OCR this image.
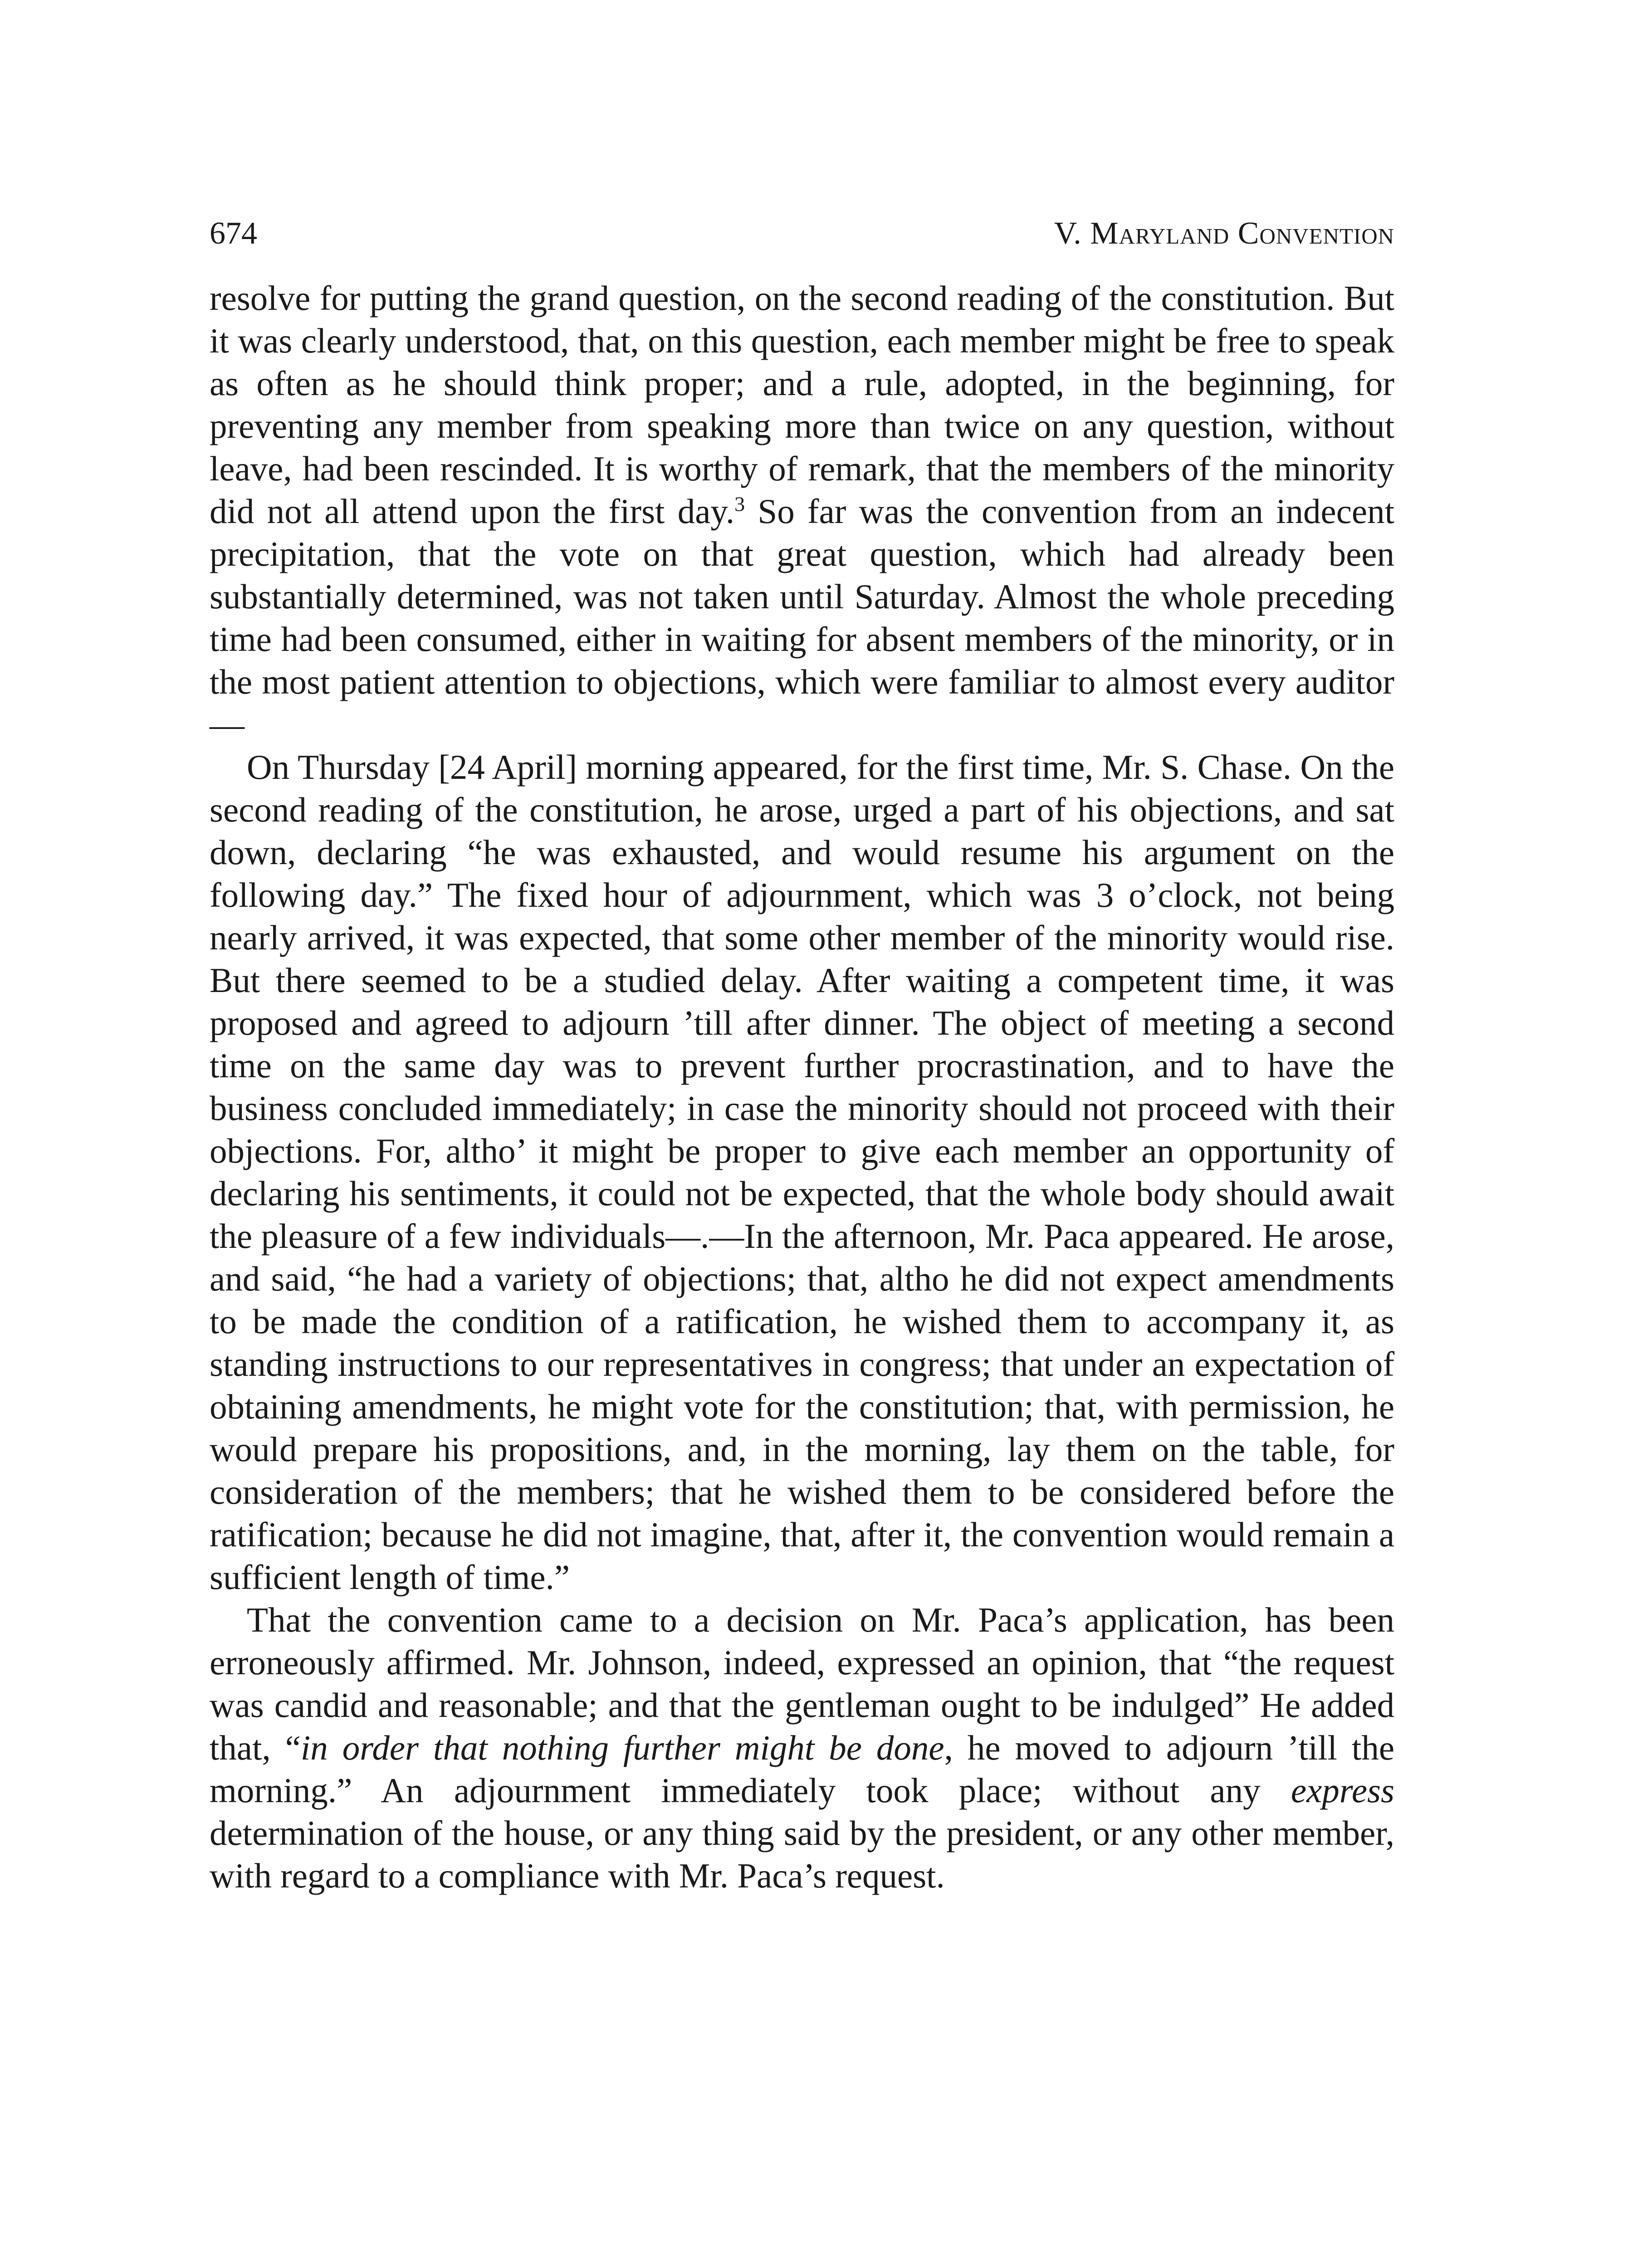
674	V. Maryland Convention

resolve for putting the grand question, on the second reading of the constitution. But it was clearly understood, that, on this question, each member might be free to speak as often as he should think proper; and a rule, adopted, in the beginning, for preventing any member from speaking more than twice on any question, without leave, had been rescinded. It is worthy of remark, that the members of the minority did not all attend upon the first day.$^3$ So far was the convention from an indecent precipitation, that the vote on that great question, which had already been substantially determined, was not taken until Saturday. Almost the whole preceding time had been consumed, either in waiting for absent members of the minority, or in the most patient attention to objections, which were familiar to almost every auditor—

On Thursday [24 April] morning appeared, for the first time, Mr. S. Chase. On the second reading of the constitution, he arose, urged a part of his objections, and sat down, declaring “he was exhausted, and would resume his argument on the following day.” The fixed hour of adjournment, which was 3 o’clock, not being nearly arrived, it was expected, that some other member of the minority would rise. But there seemed to be a studied delay. After waiting a competent time, it was proposed and agreed to adjourn ’till after dinner. The object of meeting a second time on the same day was to prevent further procrastination, and to have the business concluded immediately; in case the minority should not proceed with their objections. For, altho’ it might be proper to give each member an opportunity of declaring his sentiments, it could not be expected, that the whole body should await the pleasure of a few individuals—.—In the afternoon, Mr. Paca appeared. He arose, and said, “he had a variety of objections; that, altho he did not expect amendments to be made the condition of a ratification, he wished them to accompany it, as standing instructions to our representatives in congress; that under an expectation of obtaining amendments, he might vote for the constitution; that, with permission, he would prepare his propositions, and, in the morning, lay them on the table, for consideration of the members; that he wished them to be considered before the ratification; because he did not imagine, that, after it, the convention would remain a sufficient length of time.”

That the convention came to a decision on Mr. Paca’s application, has been erroneously affirmed. Mr. Johnson, indeed, expressed an opinion, that “the request was candid and reasonable; and that the gentleman ought to be indulged” He added that, “in order that nothing further might be done, he moved to adjourn ’till the morning.” An adjournment immediately took place; without any express determination of the house, or any thing said by the president, or any other member, with regard to a compliance with Mr. Paca’s request.
